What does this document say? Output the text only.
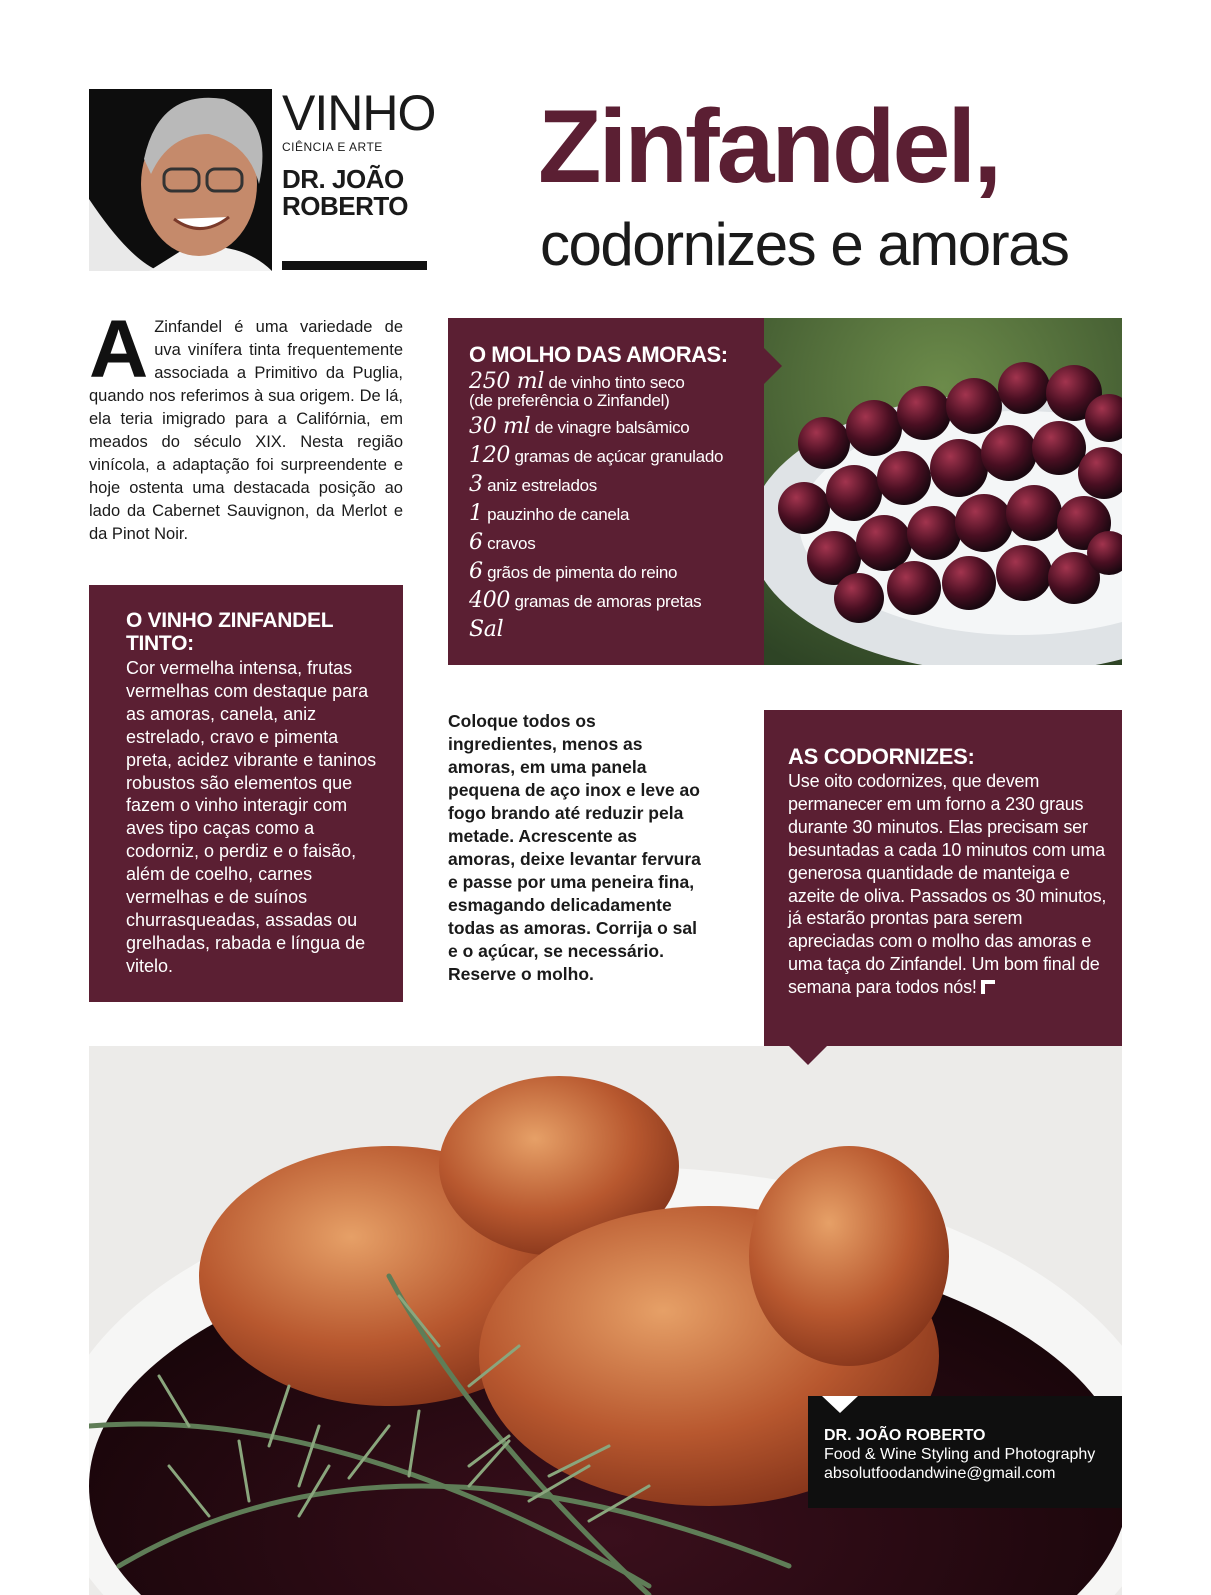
VINHO
CIÊNCIA E ARTE
DR. JOÃO ROBERTO
Zinfandel,
codornizes e amoras
A Zinfandel é uma variedade de uva vinífera tinta frequentemente associada a Primitivo da Puglia, quando nos referimos à sua origem. De lá, ela teria imigrado para a Califórnia, em meados do século XIX. Nesta região vinícola, a adaptação foi surpreendente e hoje ostenta uma destacada posição ao lado da Cabernet Sauvignon, da Merlot e da Pinot Noir.
O VINHO ZINFANDEL TINTO:
Cor vermelha intensa, frutas vermelhas com destaque para as amoras, canela, aniz estrelado, cravo e pimenta preta, acidez vibrante e taninos robustos são elementos que fazem o vinho interagir com aves tipo caças como a codorniz, o perdiz e o faisão, além de coelho, carnes vermelhas e de suínos churrasqueadas, assadas ou grelhadas, rabada e língua de vitelo.
O MOLHO DAS AMORAS:
250 ml de vinho tinto seco
(de preferência o Zinfandel)
30 ml de vinagre balsâmico
120 gramas de açúcar granulado
3 aniz estrelados
1 pauzinho de canela
6 cravos
6 grãos de pimenta do reino
400 gramas de amoras pretas
Sal
Coloque todos os ingredientes, menos as amoras, em uma panela pequena de aço inox e leve ao fogo brando até reduzir pela metade. Acrescente as amoras, deixe levantar fervura e passe por uma peneira fina, esmagando delicadamente todas as amoras. Corrija o sal e o açúcar, se necessário. Reserve o molho.
AS CODORNIZES:
Use oito codornizes, que devem permanecer em um forno a 230 graus durante 30 minutos. Elas precisam ser besuntadas a cada 10 minutos com uma generosa quantidade de manteiga e azeite de oliva. Passados os 30 minutos, já estarão prontas para serem apreciadas com o molho das amoras e uma taça do Zinfandel. Um bom final de semana para todos nós!
DR. JOÃO ROBERTO
Food & Wine Styling and Photography
absolutfoodandwine@gmail.com
